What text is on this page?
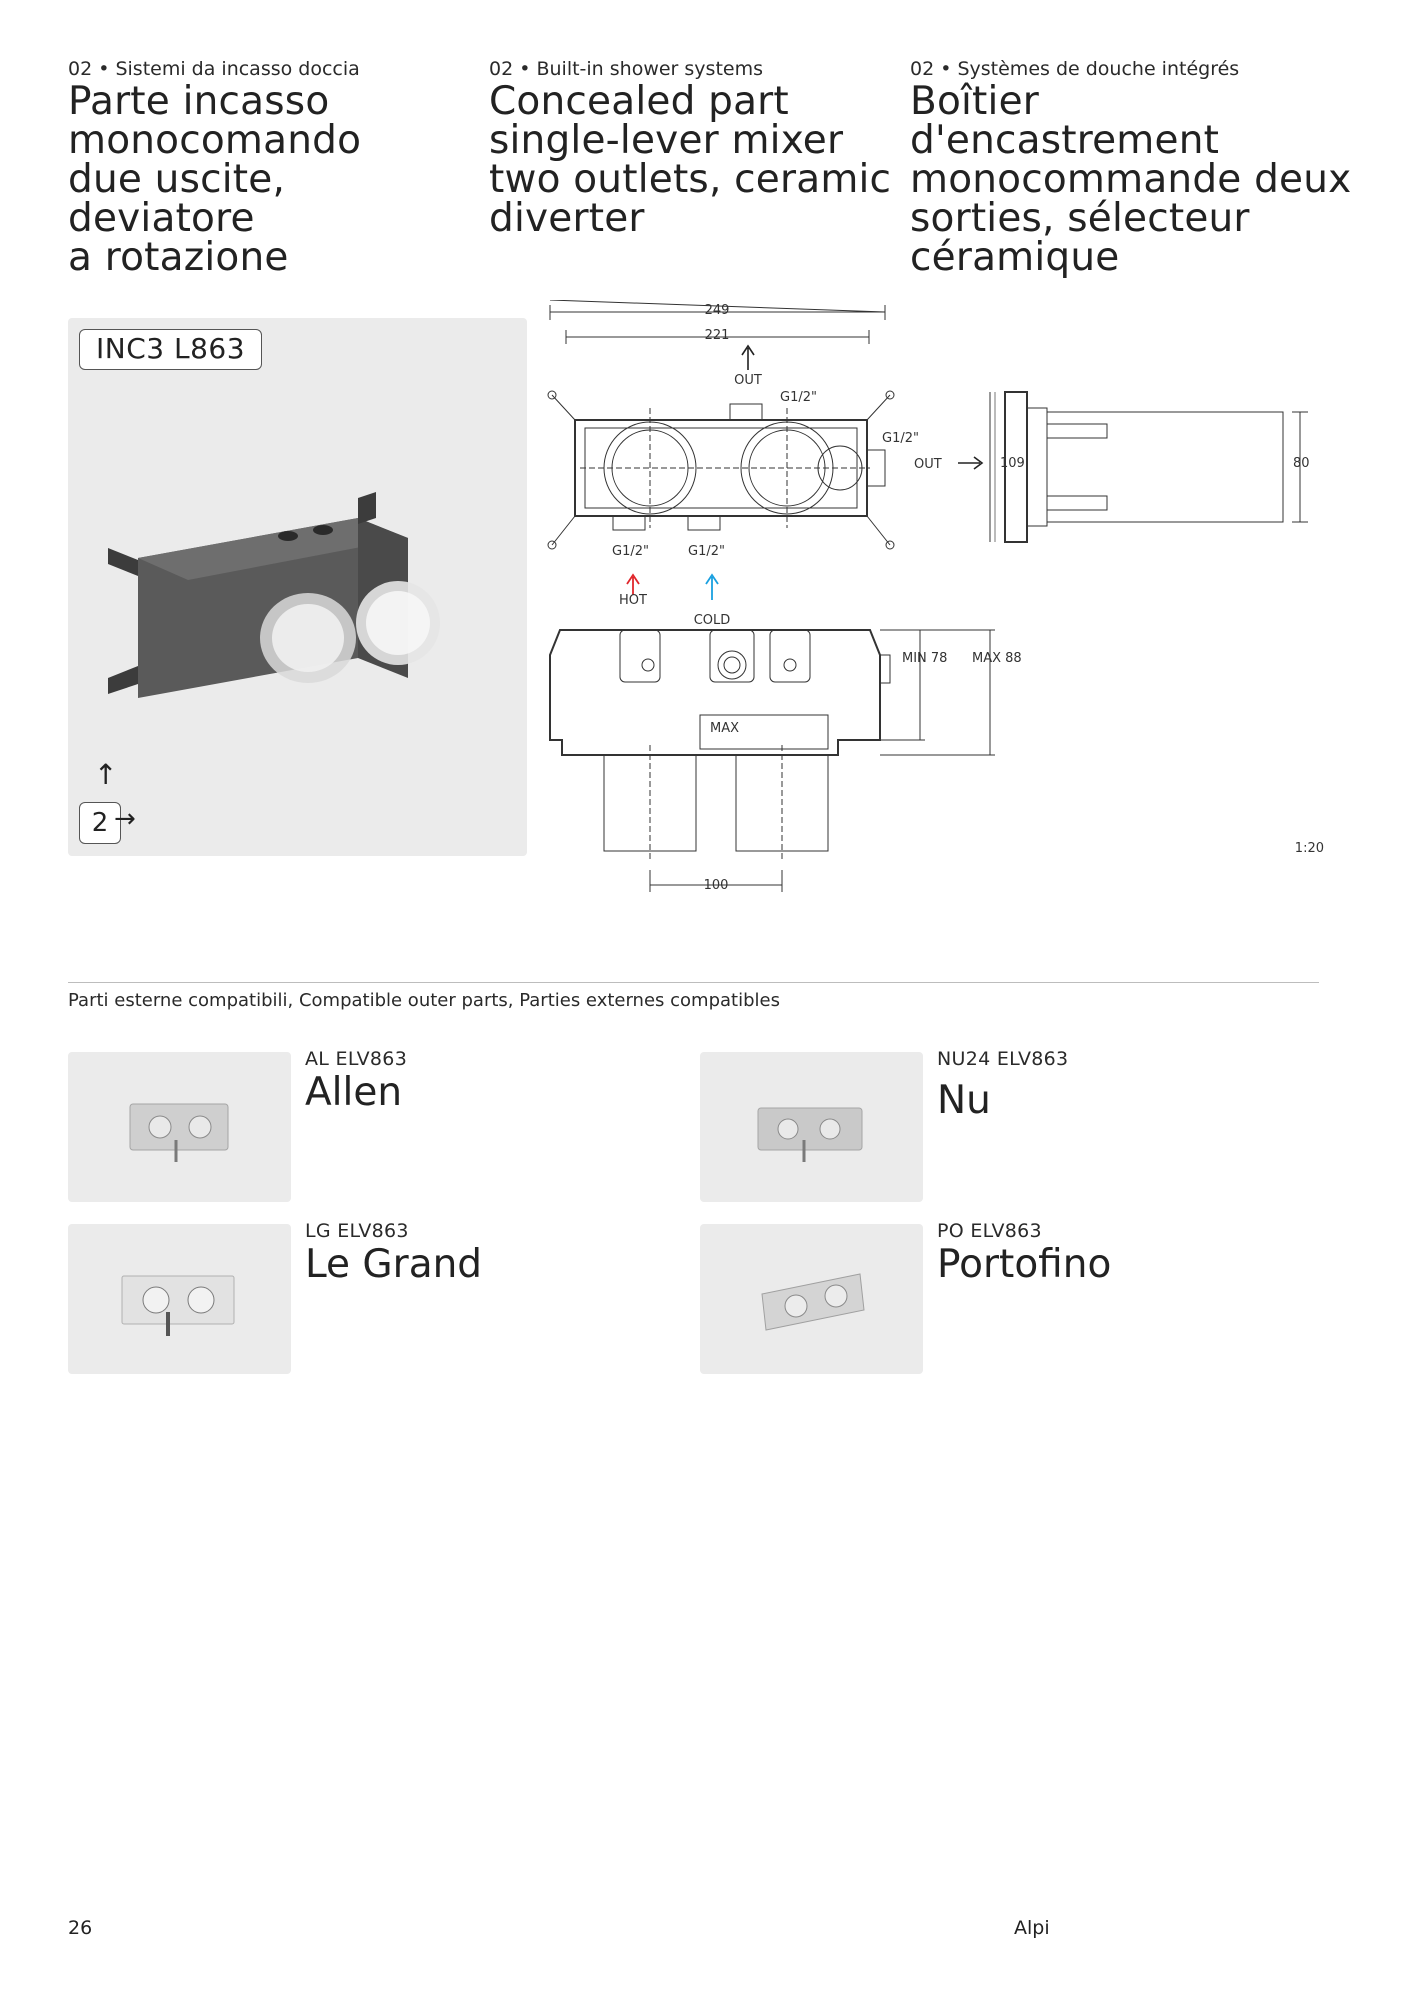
02 • Sistemi da incasso doccia
Parte incasso
monocomando
due uscite, deviatore
a rotazione
02 • Built-in shower systems
Concealed part
single-lever mixer
two outlets, ceramic
diverter
02 • Systèmes de douche intégrés
Boîtier d'encastrement
monocommande deux
sorties, sélecteur
céramique
INC3 L863
↑
2 →
249
221
OUT
G1/2"
G1/2"
OUT
G1/2"	G1/2"
HOT
COLD
MIN 78 MAX 88
MAX
109	80
100
1:20
Parti esterne compatibili, Compatible outer parts, Parties externes compatibles
AL ELV863
Allen
NU24 ELV863
Nu
LG ELV863
Le Grand
PO ELV863
Portofino
26	Alpi
